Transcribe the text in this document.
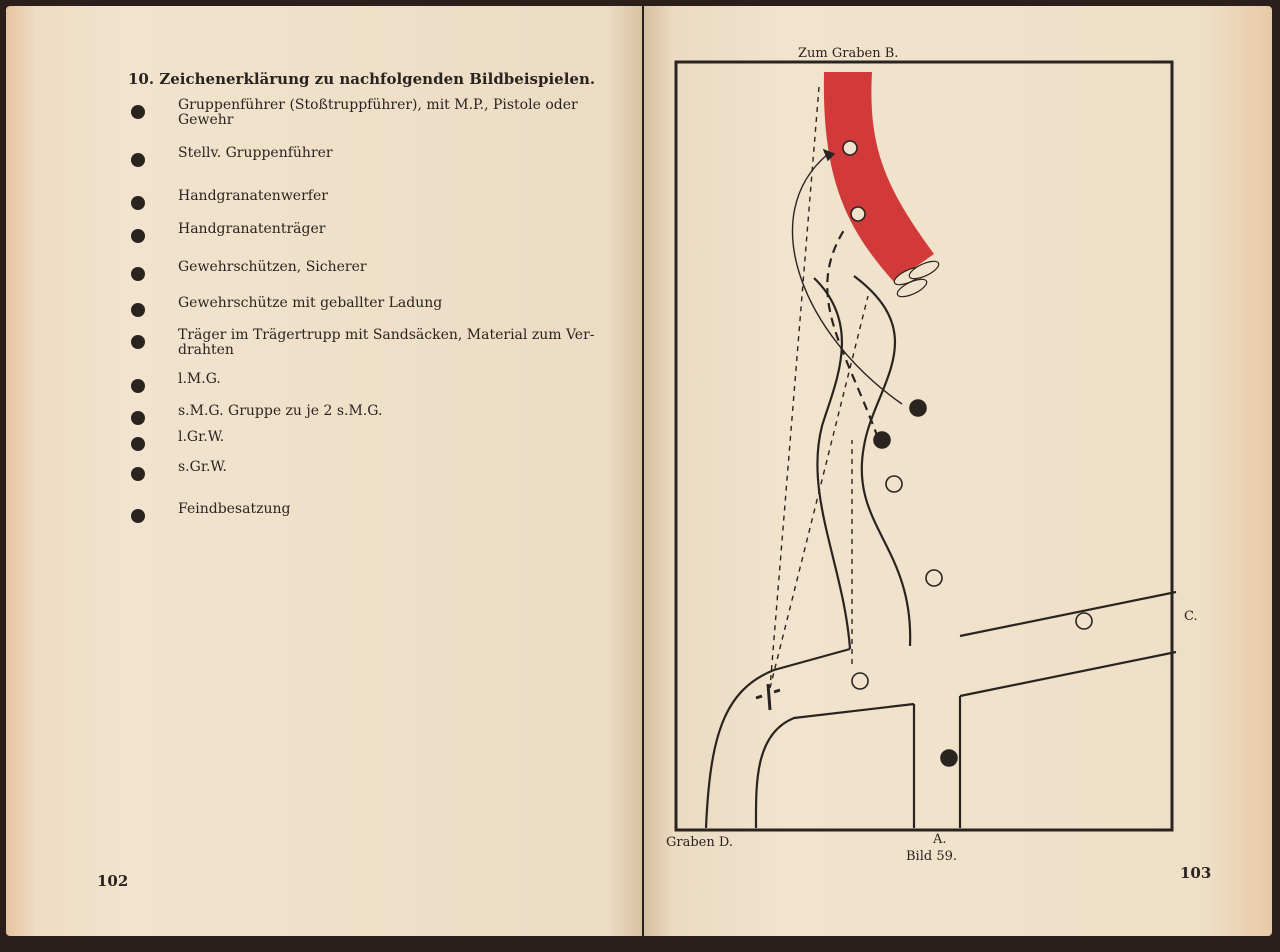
10. Zeichenerklärung zu nachfolgenden Bildbeispielen.
Gruppenführer (Stoßtruppführer), mit M.P., Pistole oder
Gewehr
Stellv. Gruppenführer
Handgranatenwerfer
Handgranatenträger
Gewehrschützen, Sicherer
Gewehrschütze mit geballter Ladung
Träger im Trägertrupp mit Sandsäcken, Material zum Ver-
drahten
l.M.G.
s.M.G. Gruppe zu je 2 s.M.G.
l.Gr.W.
s.Gr.W.
Feindbesatzung
102
Zum Graben B.
C.
Graben D.	A.
Bild 59.
103
